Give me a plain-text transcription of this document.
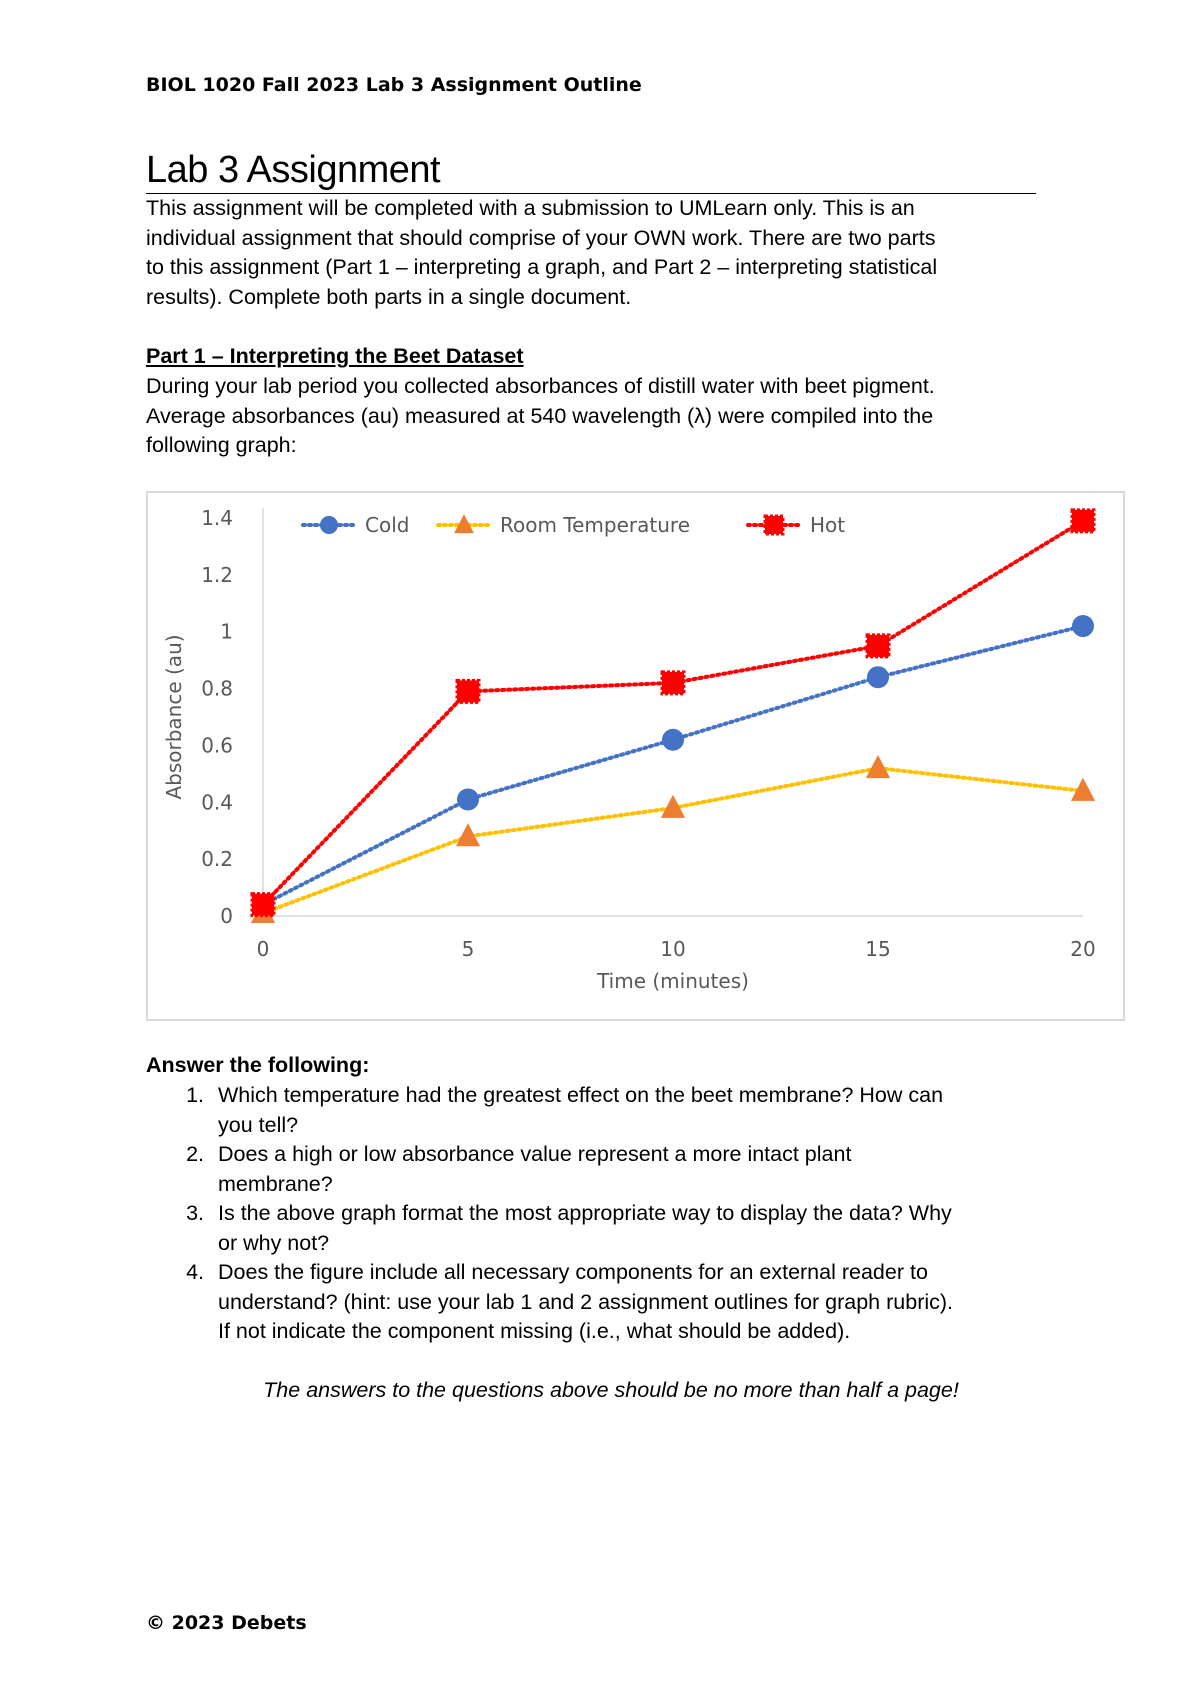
BIOL 1020 Fall 2023 Lab 3 Assignment Outline
Lab 3 Assignment
This assignment will be completed with a submission to UMLearn only. This is an
individual assignment that should comprise of your OWN work. There are two parts
to this assignment (Part 1 – interpreting a graph, and Part 2 – interpreting statistical
results). Complete both parts in a single document.
Part 1 – Interpreting the Beet Dataset
During your lab period you collected absorbances of distill water with beet pigment.
Average absorbances (au) measured at 540 wavelength (λ) were compiled into the
following graph:
0
0.2
0.4
0.6
0.8
1
1.2
1.4
0	5	10	15	20
Time (minutes)
Absorbance (au)
Cold	Room Temperature	Hot
Answer the following:
1. Which temperature had the greatest effect on the beet membrane? How can
you tell?
2. Does a high or low absorbance value represent a more intact plant
membrane?
3. Is the above graph format the most appropriate way to display the data? Why
or why not?
4. Does the figure include all necessary components for an external reader to
understand? (hint: use your lab 1 and 2 assignment outlines for graph rubric).
If not indicate the component missing (i.e., what should be added).
The answers to the questions above should be no more than half a page!
© 2023 Debets
